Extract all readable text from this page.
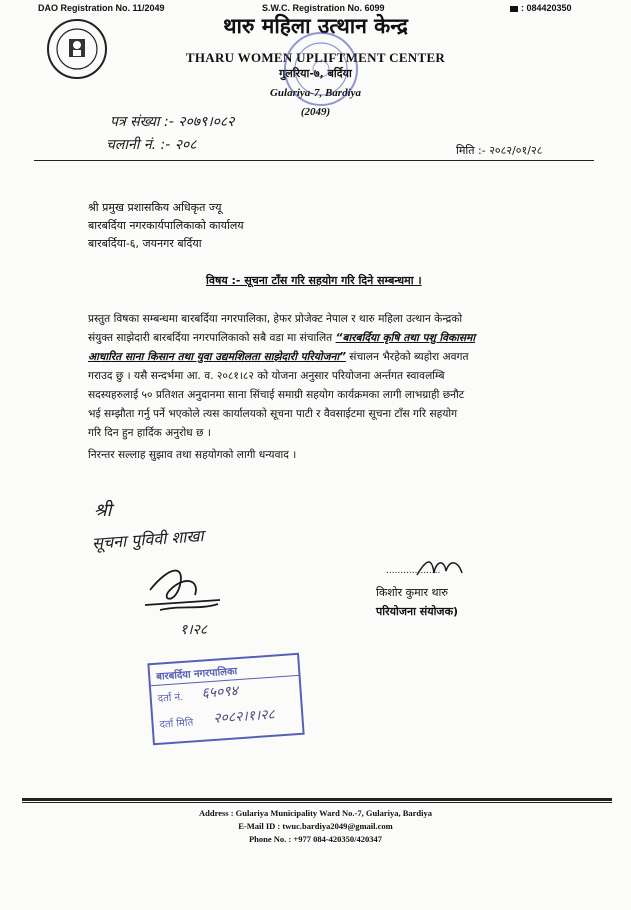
DAO Registration No. 11/2049	S.W.C. Registration No. 6099	: 084420350
थारु महिला उत्थान केन्द्र
THARU WOMEN UPLIFTMENT CENTER
गुलरिया-७, बर्दिया
Gulariya-7, Bardiya
(2049)
पत्र संख्या :- २०७९।०८२
चलानी नं. :- २०८	मिति :- २०८२/०१/२८
श्री प्रमुख प्रशासकिय अधिकृत ज्यू
बारबर्दिया नगरकार्यपालिकाको कार्यालय
बारबर्दिया-६, जयनगर बर्दिया
विषय :- सूचना टाँस गरि सहयोग गरि दिने सम्बन्धमा ।
प्रस्तुत विषका सम्बन्धमा बारबर्दिया नगरपालिका, हेफर प्रोजेक्ट नेपाल र थारु महिला उत्थान केन्द्रको
संयुक्त साझेदारी बारबर्दिया नगरपालिकाको सबै वडा मा संचालित “बारबर्दिया कृषि तथा पशु विकासमा
आधारित साना किसान तथा युवा उद्यमशिलता साझेदारी परियोजना” संचालन भैरहेको ब्यहोरा अवगत
गराउद छु । यसै सन्दर्भमा आ. व. २०८१।८२ को योजना अनुसार परियोजना अर्न्तगत स्वावलम्बि
सदस्यहरुलाई ५० प्रतिशत अनुदानमा साना सिंचाई समाग्री सहयोग कार्यक्रमका लागी लाभग्राही छनौट
भई सम्झौता गर्नु पर्ने भएकोले त्यस कार्यालयको सूचना पाटी र वैवसाईटमा सूचना टाँस गरि सहयोग
गरि दिन हुन हार्दिक अनुरोध छ ।
निरन्तर सल्लाह सुझाव तथा सहयोगको लागी धन्यवाद ।
श्री
सूचना पुविवी शाखा
१।२८
...................
किशोर कुमार थारु
परियोजना संयोजक)
बारबर्दिया नगरपालिका
दर्ता नं. ६५०९४
दर्ता मिति २०८२।१।२८
Address : Gulariya Municipality Ward No.-7, Gulariya, Bardiya
E-Mail ID : twuc.bardiya2049@gmail.com
Phone No. : +977 084-420350/420347
